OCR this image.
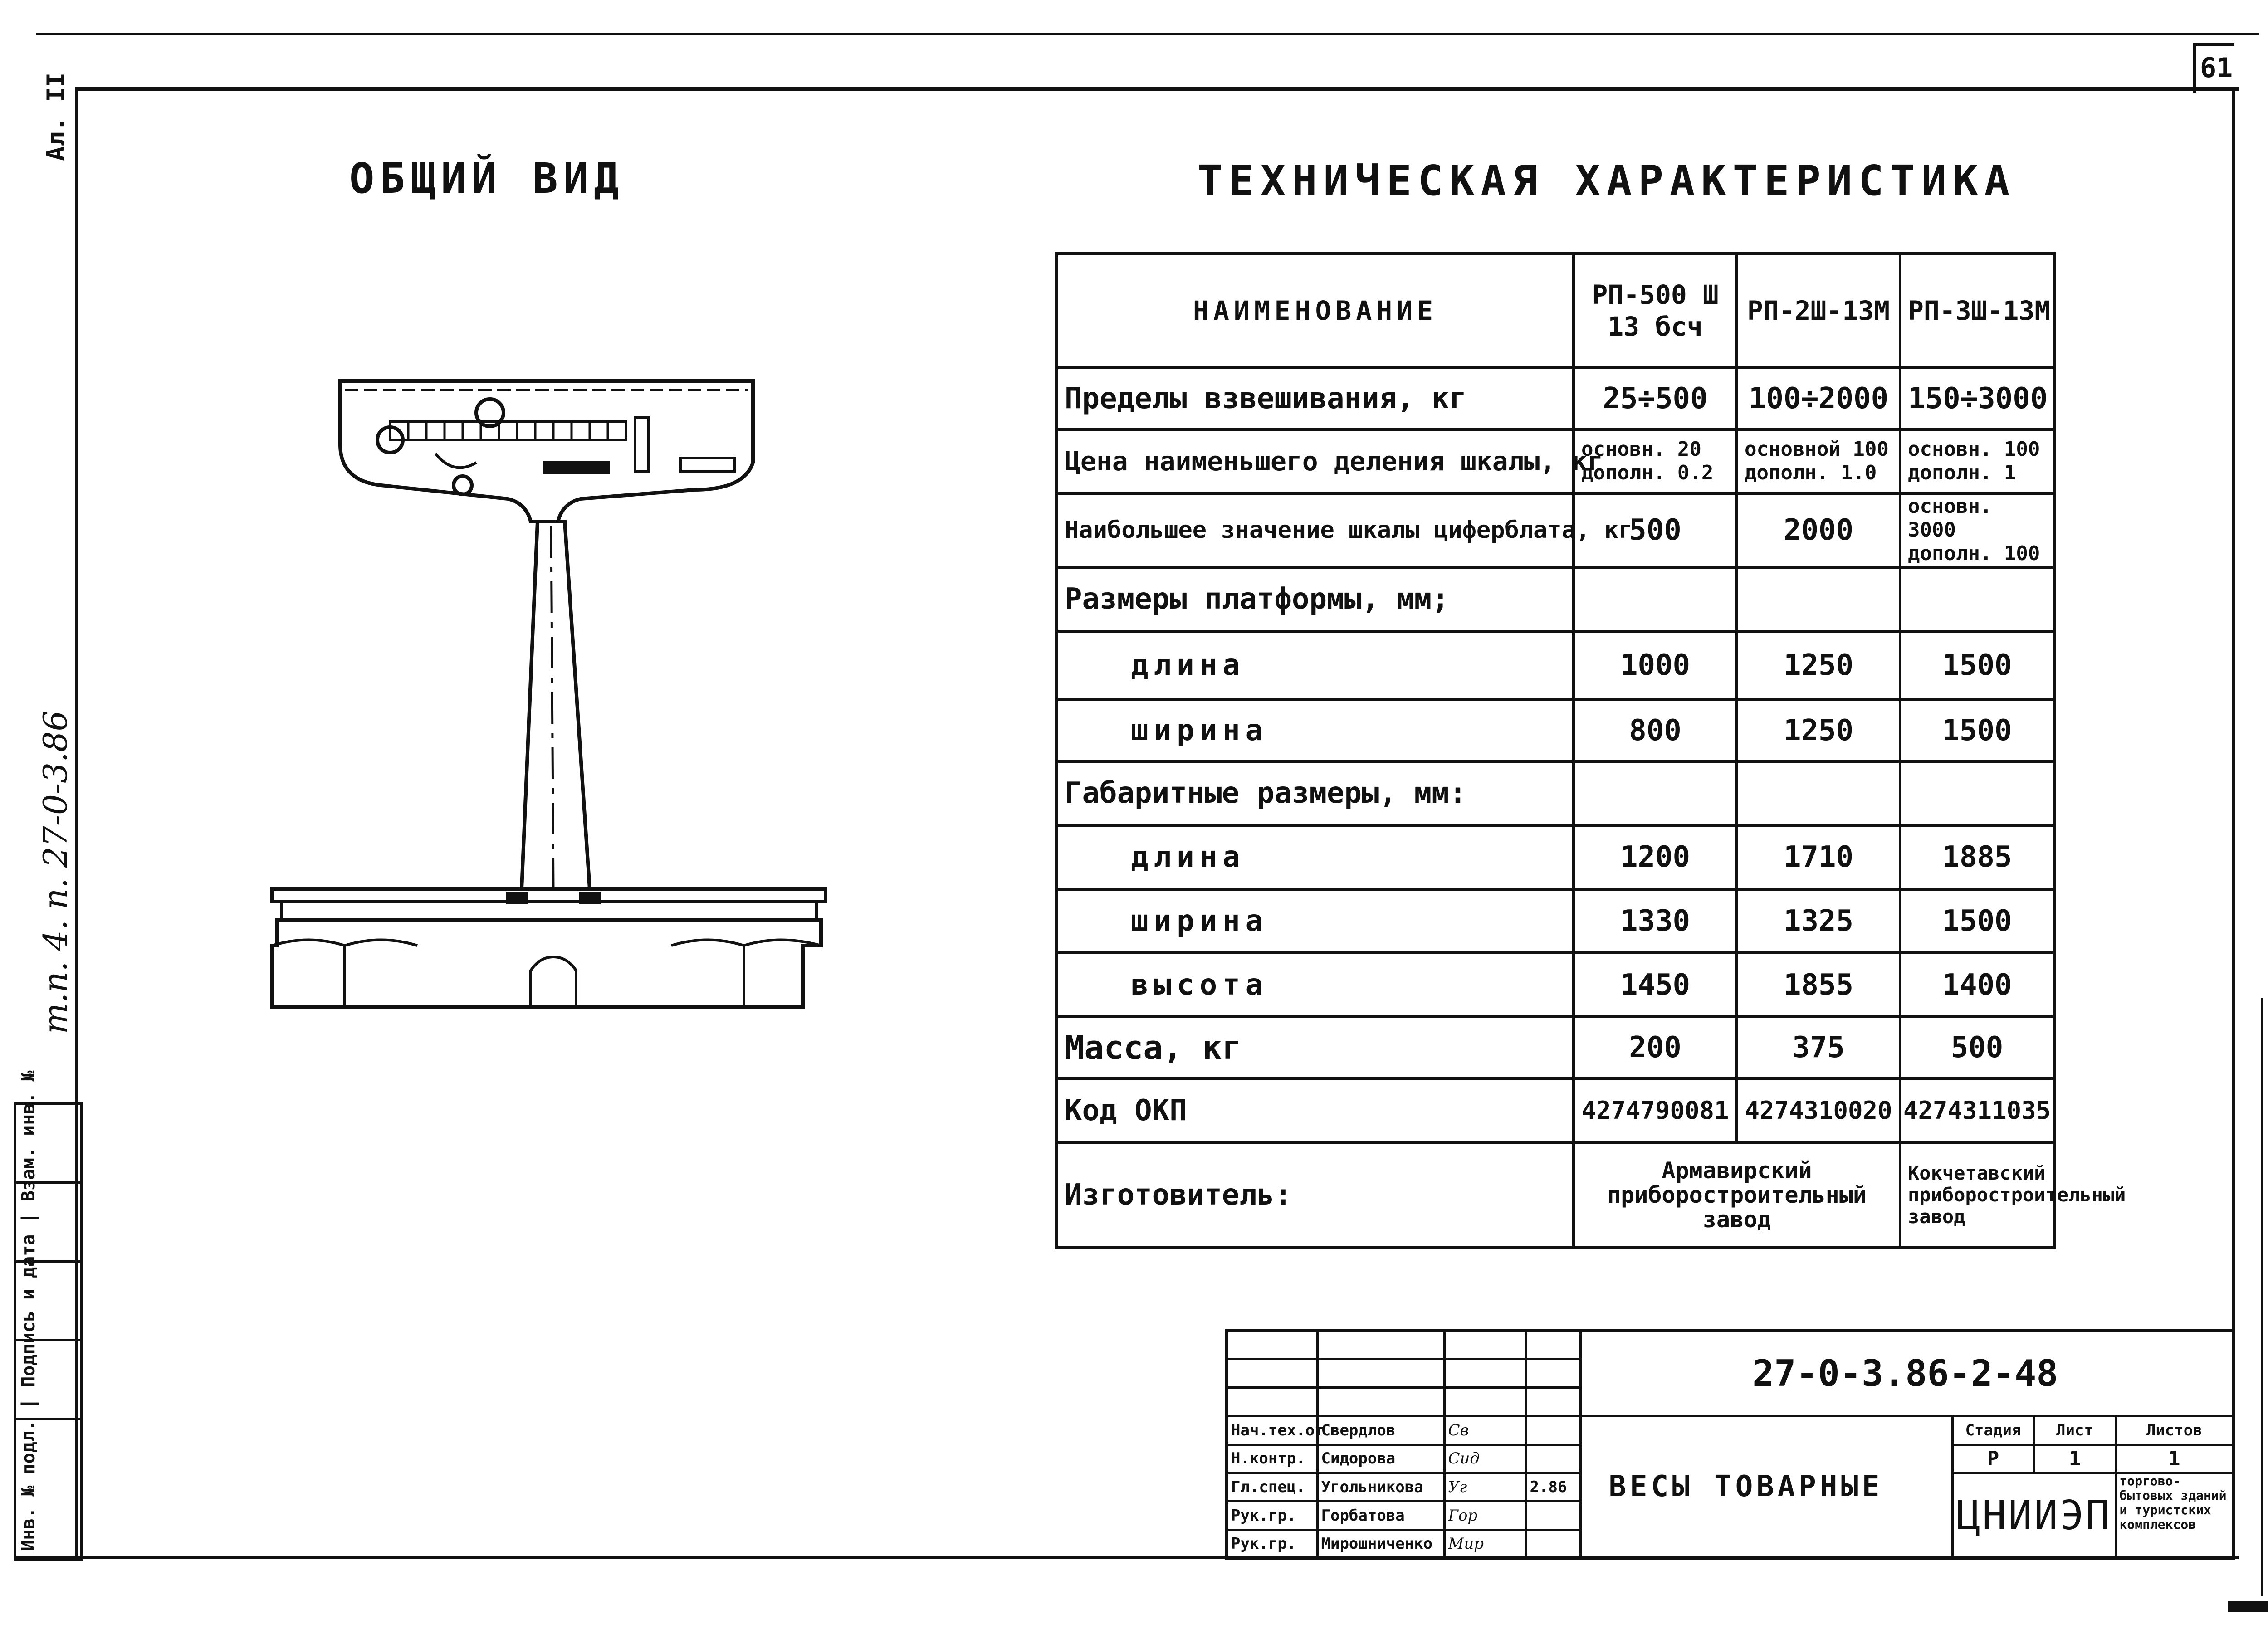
61
Ал. II
т.п. 4. п. 27-0-3.86
Инв. № подл. | Подпись и дата | Взам. инв. №
ОБЩИЙ ВИД	ТЕХНИЧЕСКАЯ ХАРАКТЕРИСТИКА
НАИМЕНОВАНИЕ	РП-500 Ш 13 бсч	РП-2Ш-13М	РП-3Ш-13М
Пределы взвешивания, кг	25÷500	100÷2000	150÷3000
Цена наименьшего деления шкалы, кг	основн. 20 дополн. 0.2	основной 100 дополн. 1.0	основн. 100 дополн. 1
Наибольшее значение шкалы циферблата, кг	500	2000	основн. 3000 дополн. 100
Размеры платформы, мм;			
длина	1000	1250	1500
ширина	800	1250	1500
Габаритные размеры, мм:			
длина	1200	1710	1885
ширина	1330	1325	1500
высота	1450	1855	1400
Масса, кг	200	375	500
Код ОКП	4274790081	4274310020	4274311035
Изготовитель:	Армавирский приборостроительный завод		Кокчетавский приборостроительный завод
				27-0-3.86-2-48			

Нач.тех.от	Свердлов	Св		ВЕСЫ ТОВАРНЫЕ	Стадия	Лист	Листов
Н.контр.	Сидорова	Сид			Р	1	1
Гл.спец.	Угольникова	Уг	2.86		ЦНИИЭП		торгово-бытовых зданий и туристских комплексов
Рук.гр.	Горбатова	Гор					
Рук.гр.	Мирошниченко	Мир					
